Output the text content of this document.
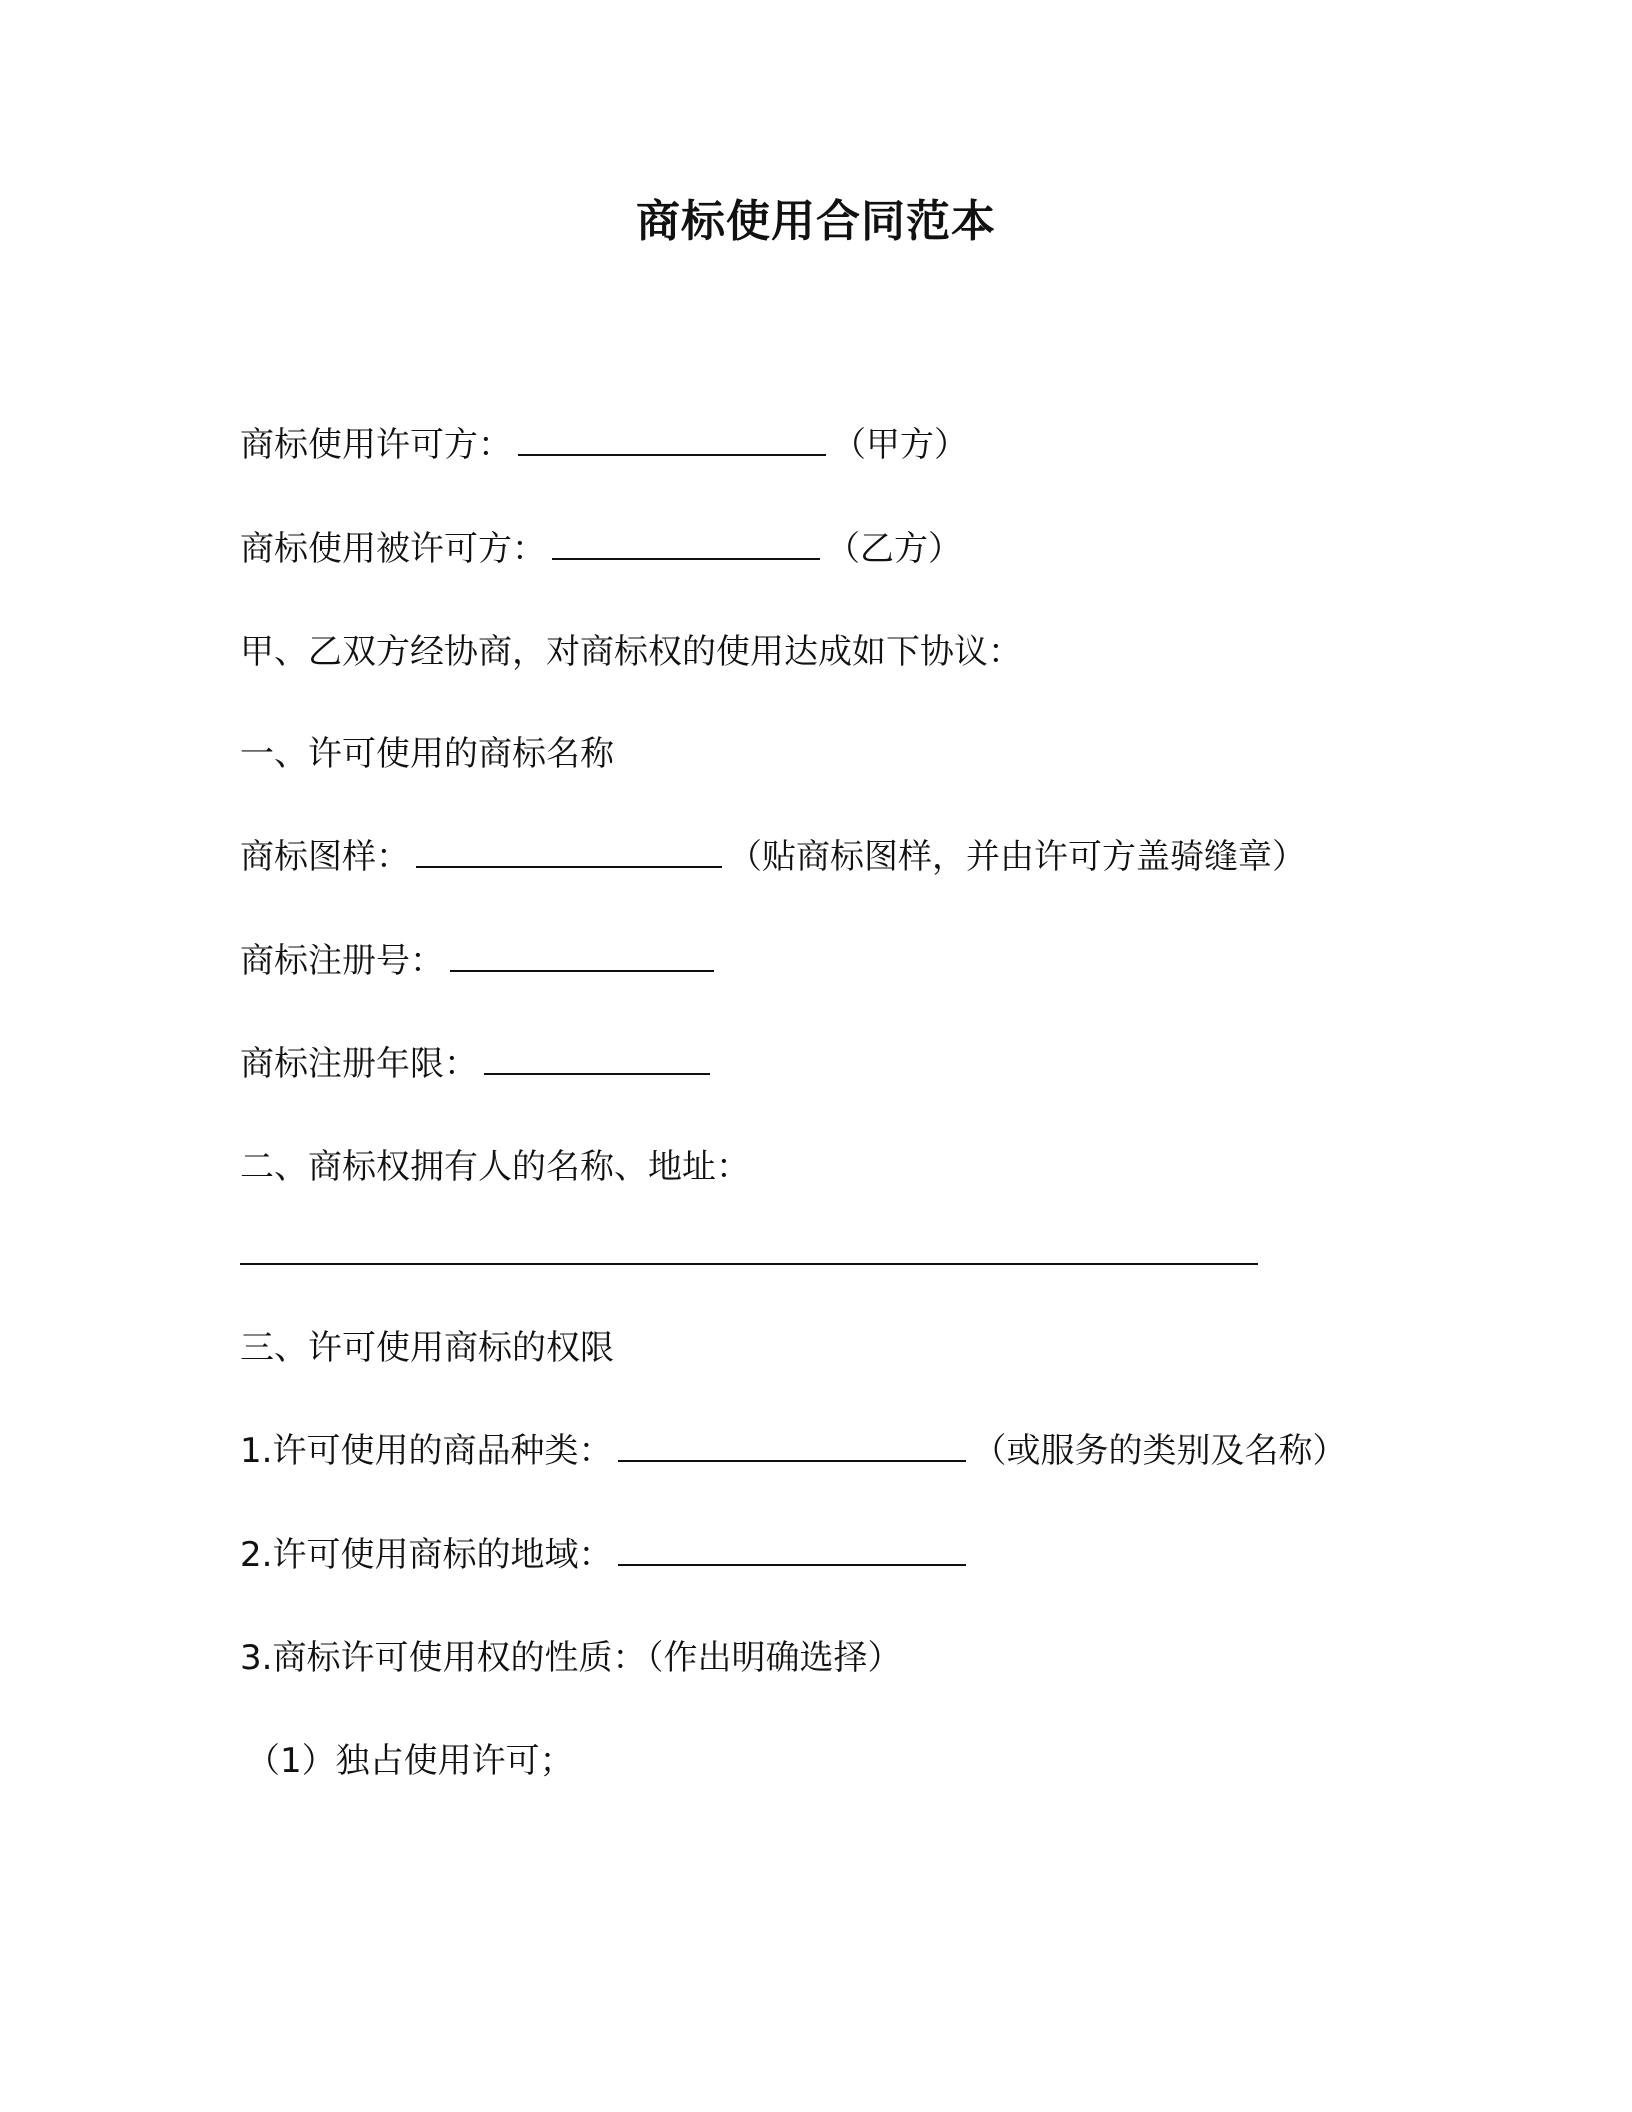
商标使用合同范本
商标使用许可方：	（甲方）
商标使用被许可方：	（乙方）
甲、乙双方经协商，对商标权的使用达成如下协议：
一、许可使用的商标名称
商标图样：	（贴商标图样，并由许可方盖骑缝章）
商标注册号：
商标注册年限：
二、商标权拥有人的名称、地址：
三、许可使用商标的权限
1.许可使用的商品种类：	（或服务的类别及名称）
2.许可使用商标的地域：
3.商标许可使用权的性质：（作出明确选择）
（1）独占使用许可；
